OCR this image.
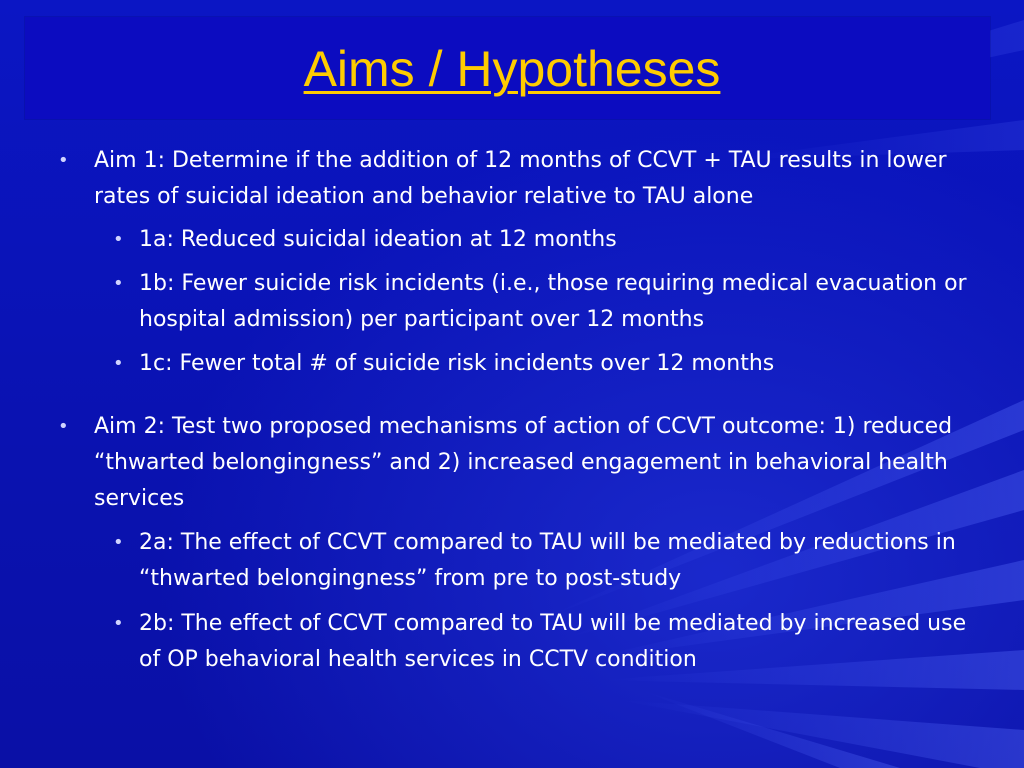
Aims / Hypotheses
• Aim 1: Determine if the addition of 12 months of CCVT + TAU results in lower rates of suicidal ideation and behavior relative to TAU alone
• 1a: Reduced suicidal ideation at 12 months
• 1b: Fewer suicide risk incidents (i.e., those requiring medical evacuation or hospital admission) per participant over 12 months
• 1c: Fewer total # of suicide risk incidents over 12 months
• Aim 2: Test two proposed mechanisms of action of CCVT outcome: 1) reduced “thwarted belongingness” and 2) increased engagement in behavioral health services
• 2a: The effect of CCVT compared to TAU will be mediated by reductions in “thwarted belongingness” from pre to post-study
• 2b: The effect of CCVT compared to TAU will be mediated by increased use of OP behavioral health services in CCTV condition
